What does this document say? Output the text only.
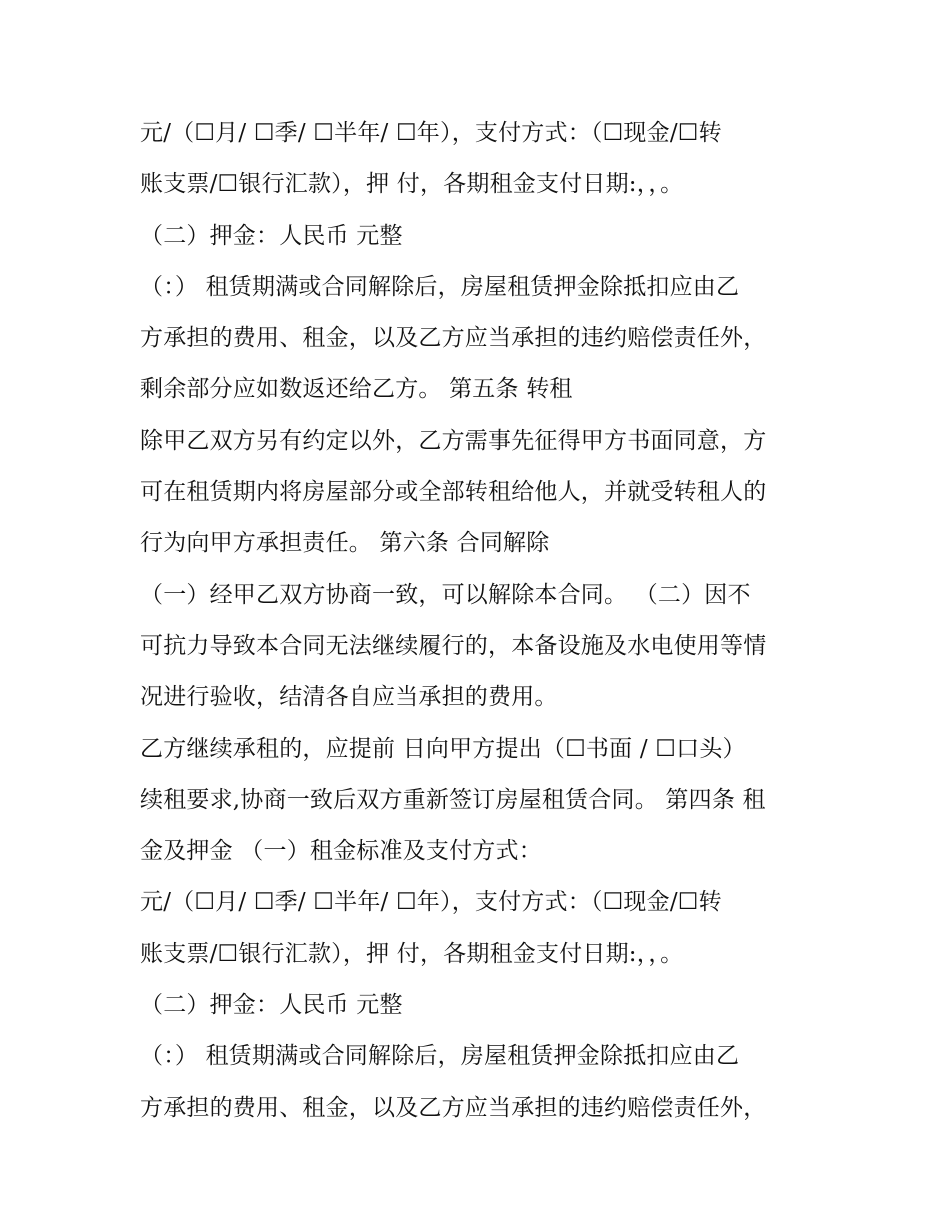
元/（☐月/ ☐季/ ☐半年/ ☐年），支付方式：（☐现金/☐转
账支票/☐银行汇款），押 付，各期租金支付日期:，，。
（二）押金：人民币 元整
（：） 租赁期满或合同解除后，房屋租赁押金除抵扣应由乙
方承担的费用、租金，以及乙方应当承担的违约赔偿责任外，
剩余部分应如数返还给乙方。 第五条 转租
除甲乙双方另有约定以外，乙方需事先征得甲方书面同意，方
可在租赁期内将房屋部分或全部转租给他人，并就受转租人的
行为向甲方承担责任。 第六条 合同解除
（一）经甲乙双方协商一致，可以解除本合同。 （二）因不
可抗力导致本合同无法继续履行的，本备设施及水电使用等情
况进行验收，结清各自应当承担的费用。
乙方继续承租的，应提前 日向甲方提出（☐书面 / ☐口头）
续租要求,协商一致后双方重新签订房屋租赁合同。 第四条 租
金及押金 （一）租金标准及支付方式：
元/（☐月/ ☐季/ ☐半年/ ☐年），支付方式：（☐现金/☐转
账支票/☐银行汇款），押 付，各期租金支付日期:，，。
（二）押金：人民币 元整
（：） 租赁期满或合同解除后，房屋租赁押金除抵扣应由乙
方承担的费用、租金，以及乙方应当承担的违约赔偿责任外，
